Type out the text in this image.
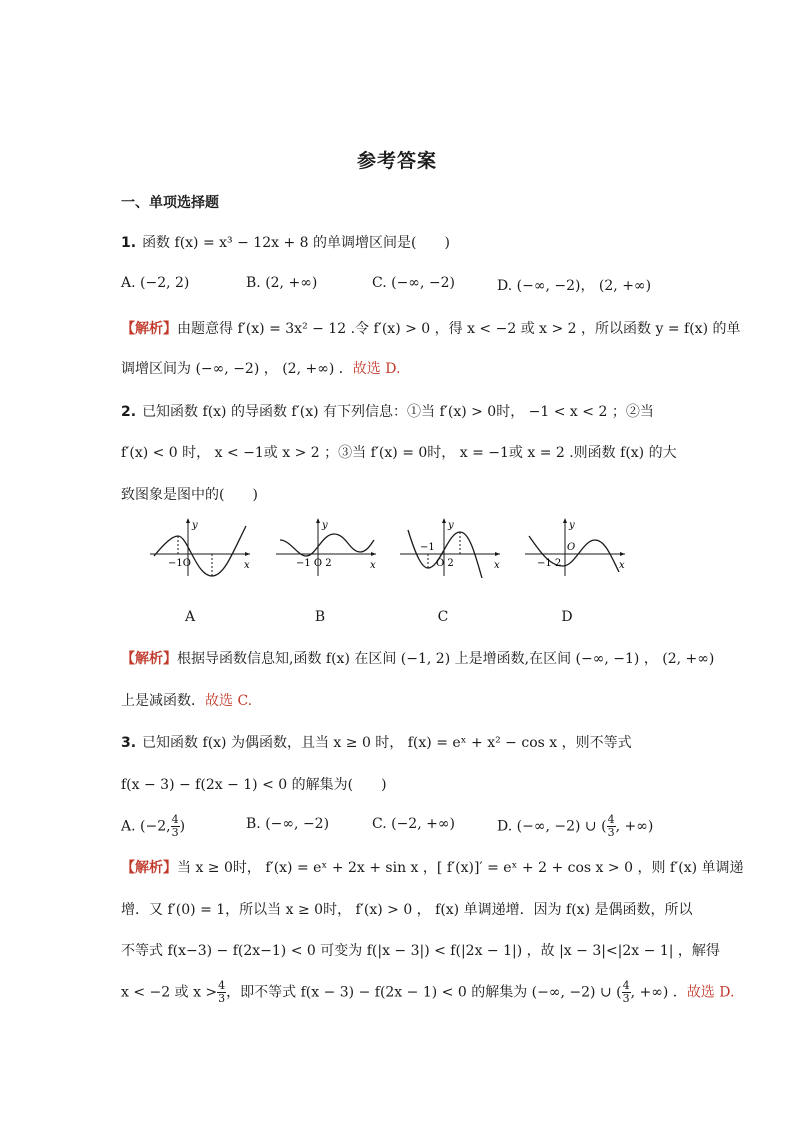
参考答案
一、单项选择题
1. 函数 f(x) = x³ − 12x + 8 的单调增区间是(　　)
A. (−2, 2)	B. (2, +∞)	C. (−∞, −2)	D. (−∞, −2)， (2, +∞)
【解析】由题意得 f′(x) = 3x² − 12 .令 f′(x) > 0 ，得 x < −2 或 x > 2 ，所以函数 y = f(x) 的单
调增区间为 (−∞, −2) ， (2, +∞) ．故选 D.
2. 已知函数 f(x) 的导函数 f′(x) 有下列信息：①当 f′(x) > 0时， −1 < x < 2 ；②当
f′(x) < 0 时， x < −1或 x > 2 ；③当 f′(x) = 0时， x = −1或 x = 2 .则函数 f(x) 的大
致图象是图中的(　　)
y
x
−1O
A
y
x
−1 O 2
B
y
x
−1
O 2
C
y
x
O
−1 2
D
【解析】根据导函数信息知,函数 f(x) 在区间 (−1, 2) 上是增函数,在区间 (−∞, −1) ， (2, +∞)
上是减函数．故选 C.
3. 已知函数 f(x) 为偶函数，且当 x ≥ 0 时， f(x) = eˣ + x² − cos x ，则不等式
f(x − 3) − f(2x − 1) < 0 的解集为(　　)
A. (−2, $\frac{4}{3}$ )	B. (−∞, −2)	C. (−2, +∞)	D. (−∞, −2) ∪ ( $\frac{4}{3}$ , +∞)
【解析】当 x ≥ 0时， f′(x) = eˣ + 2x + sin x ，[ f′(x)]′ = eˣ + 2 + cos x > 0 ，则 f′(x) 单调递
增．又 f′(0) = 1，所以当 x ≥ 0时， f′(x) > 0 ， f(x) 单调递增．因为 f(x) 是偶函数，所以
不等式 f(x−3) − f(2x−1) < 0 可变为 f(|x − 3|) < f(|2x − 1|) ，故 |x − 3|<|2x − 1| ，解得
x < −2 或 $x > \frac{4}{3}$ ，即不等式 f(x − 3) − f(2x − 1) < 0 的解集为 (−∞, −2) ∪ ( $\frac{4}{3}$ , +∞) ．故选 D.
